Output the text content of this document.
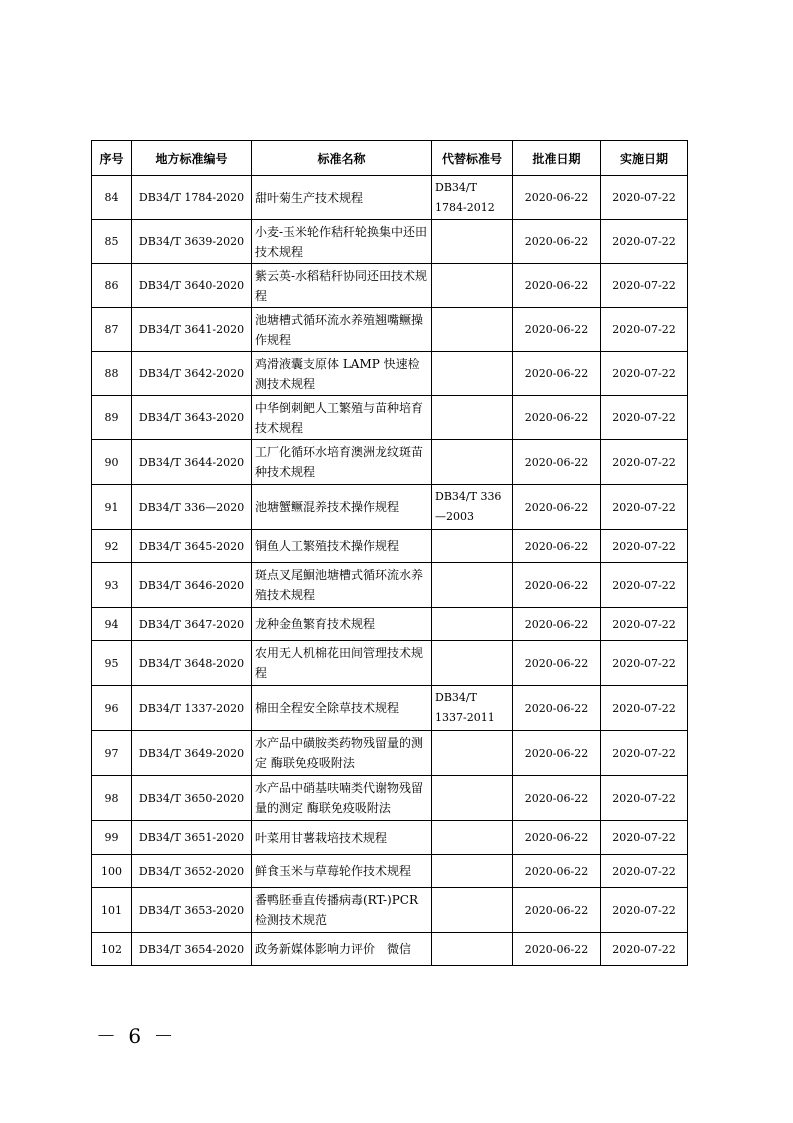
序号	地方标准编号	标准名称	代替标准号	批准日期	实施日期
84	DB34/T 1784-2020	甜叶菊生产技术规程	DB34/T 1784-2012	2020-06-22	2020-07-22
85	DB34/T 3639-2020	小麦-玉米轮作秸秆轮换集中还田技术规程		2020-06-22	2020-07-22
86	DB34/T 3640-2020	紫云英-水稻秸秆协同还田技术规程		2020-06-22	2020-07-22
87	DB34/T 3641-2020	池塘槽式循环流水养殖翘嘴鳜操作规程		2020-06-22	2020-07-22
88	DB34/T 3642-2020	鸡滑液囊支原体 LAMP 快速检测技术规程		2020-06-22	2020-07-22
89	DB34/T 3643-2020	中华倒刺鲃人工繁殖与苗种培育技术规程		2020-06-22	2020-07-22
90	DB34/T 3644-2020	工厂化循环水培育澳洲龙纹斑苗种技术规程		2020-06-22	2020-07-22
91	DB34/T 336—2020	池塘蟹鳜混养技术操作规程	DB34/T 336—2003	2020-06-22	2020-07-22
92	DB34/T 3645-2020	铜鱼人工繁殖技术操作规程		2020-06-22	2020-07-22
93	DB34/T 3646-2020	斑点叉尾鮰池塘槽式循环流水养殖技术规程		2020-06-22	2020-07-22
94	DB34/T 3647-2020	龙种金鱼繁育技术规程		2020-06-22	2020-07-22
95	DB34/T 3648-2020	农用无人机棉花田间管理技术规程		2020-06-22	2020-07-22
96	DB34/T 1337-2020	棉田全程安全除草技术规程	DB34/T 1337-2011	2020-06-22	2020-07-22
97	DB34/T 3649-2020	水产品中磺胺类药物残留量的测定 酶联免疫吸附法		2020-06-22	2020-07-22
98	DB34/T 3650-2020	水产品中硝基呋喃类代谢物残留量的测定 酶联免疫吸附法		2020-06-22	2020-07-22
99	DB34/T 3651-2020	叶菜用甘薯栽培技术规程		2020-06-22	2020-07-22
100	DB34/T 3652-2020	鲜食玉米与草莓轮作技术规程		2020-06-22	2020-07-22
101	DB34/T 3653-2020	番鸭胚垂直传播病毒(RT-)PCR检测技术规范		2020-06-22	2020-07-22
102	DB34/T 3654-2020	政务新媒体影响力评价　微信		2020-06-22	2020-07-22
－ 6 －
